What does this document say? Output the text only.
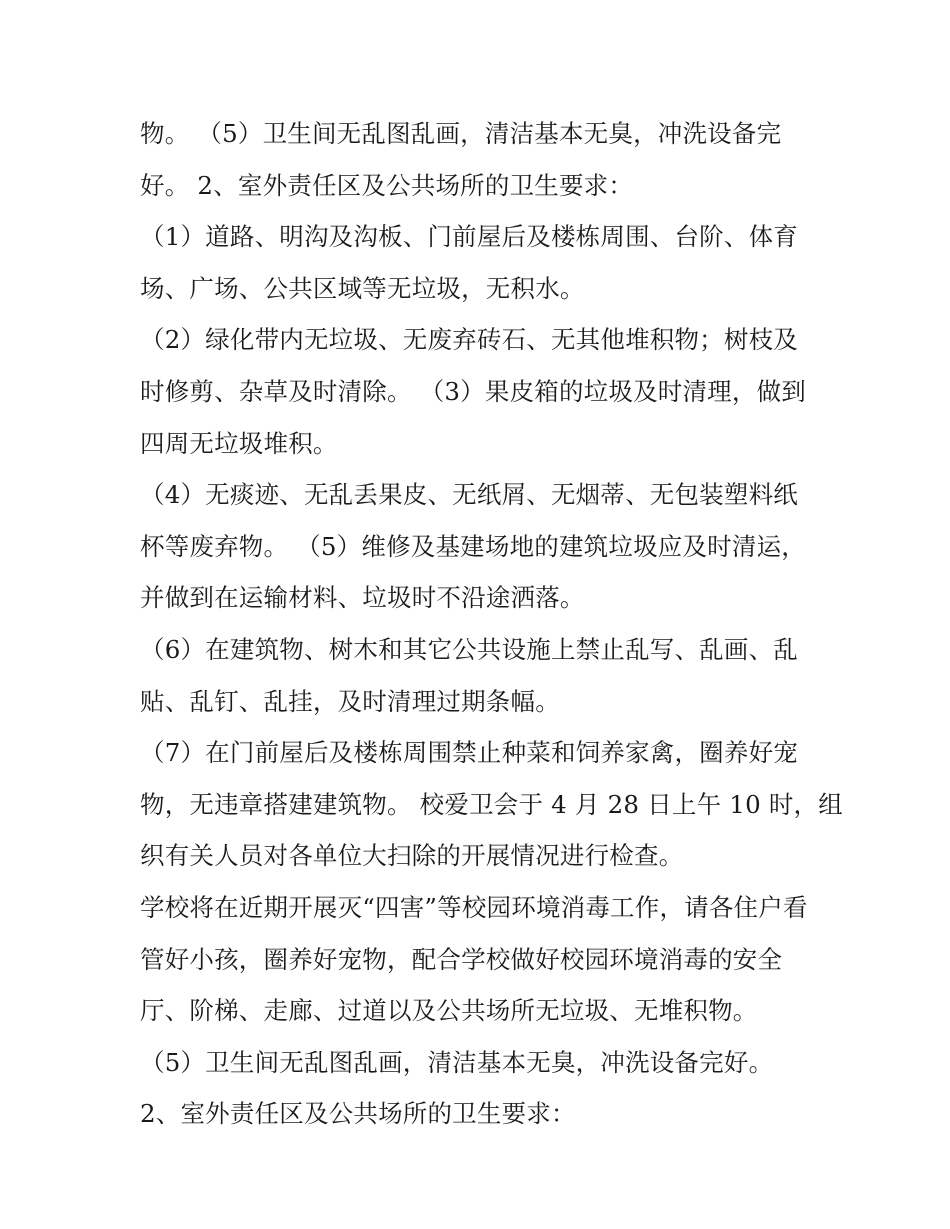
物。 （5）卫生间无乱图乱画，清洁基本无臭，冲洗设备完
好。 2、室外责任区及公共场所的卫生要求：
（1）道路、明沟及沟板、门前屋后及楼栋周围、台阶、体育
场、广场、公共区域等无垃圾，无积水。
（2）绿化带内无垃圾、无废弃砖石、无其他堆积物；树枝及
时修剪、杂草及时清除。 （3）果皮箱的垃圾及时清理，做到
四周无垃圾堆积。
（4）无痰迹、无乱丢果皮、无纸屑、无烟蒂、无包装塑料纸
杯等废弃物。 （5）维修及基建场地的建筑垃圾应及时清运，
并做到在运输材料、垃圾时不沿途洒落。
（6）在建筑物、树木和其它公共设施上禁止乱写、乱画、乱
贴、乱钉、乱挂，及时清理过期条幅。
（7）在门前屋后及楼栋周围禁止种菜和饲养家禽，圈养好宠
物，无违章搭建建筑物。 校爱卫会于 4 月 28 日上午 10 时，组
织有关人员对各单位大扫除的开展情况进行检查。
学校将在近期开展灭“四害”等校园环境消毒工作，请各住户看
管好小孩，圈养好宠物，配合学校做好校园环境消毒的安全
厅、阶梯、走廊、过道以及公共场所无垃圾、无堆积物。
（5）卫生间无乱图乱画，清洁基本无臭，冲洗设备完好。
2、室外责任区及公共场所的卫生要求：
